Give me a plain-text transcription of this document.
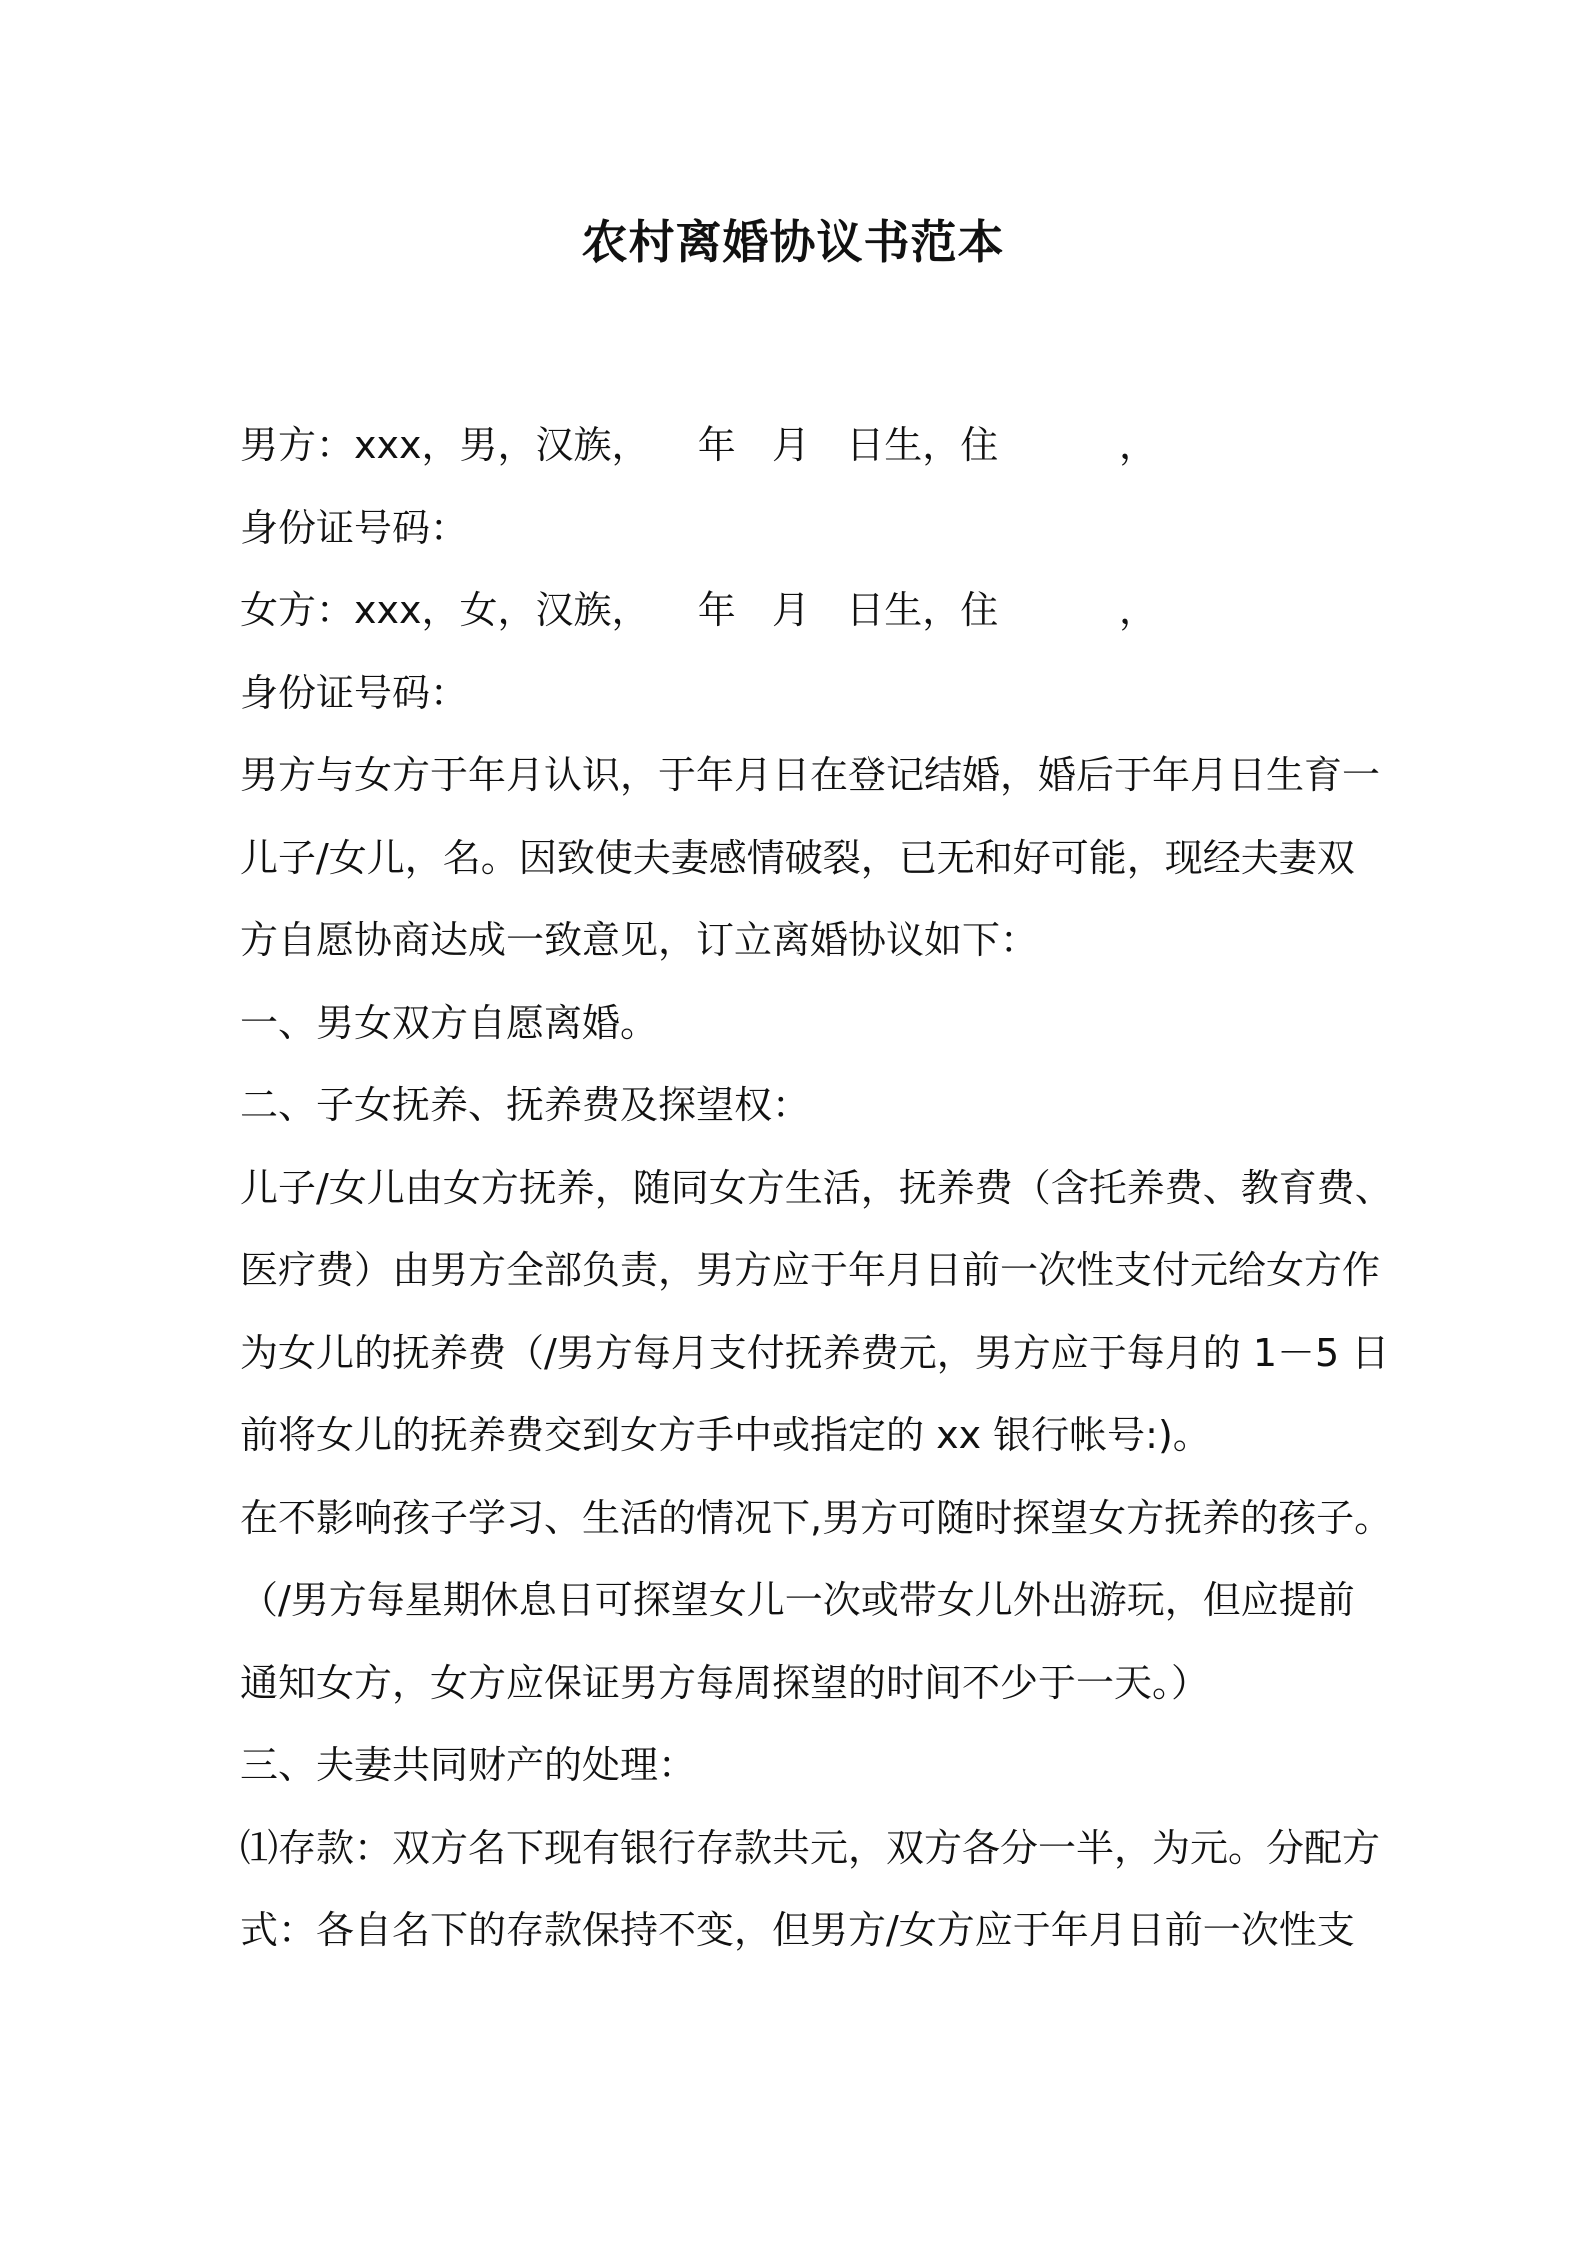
农村离婚协议书范本

男方：xxx，男，汉族，    年   月   日生，住          ，

身份证号码：

女方：xxx，女，汉族，    年   月   日生，住          ，

身份证号码：

男方与女方于年月认识，于年月日在登记结婚，婚后于年月日生育一

儿子/女儿，名。因致使夫妻感情破裂，已无和好可能，现经夫妻双

方自愿协商达成一致意见，订立离婚协议如下：

一、男女双方自愿离婚。

二、子女抚养、抚养费及探望权：

儿子/女儿由女方抚养，随同女方生活，抚养费（含托养费、教育费、

医疗费）由男方全部负责，男方应于年月日前一次性支付元给女方作

为女儿的抚养费（/男方每月支付抚养费元，男方应于每月的 1－5 日

前将女儿的抚养费交到女方手中或指定的 xx 银行帐号:)。

在不影响孩子学习、生活的情况下,男方可随时探望女方抚养的孩子。

（/男方每星期休息日可探望女儿一次或带女儿外出游玩，但应提前

通知女方，女方应保证男方每周探望的时间不少于一天。）

三、夫妻共同财产的处理：

⑴存款：双方名下现有银行存款共元，双方各分一半，为元。分配方

式：各自名下的存款保持不变，但男方/女方应于年月日前一次性支
